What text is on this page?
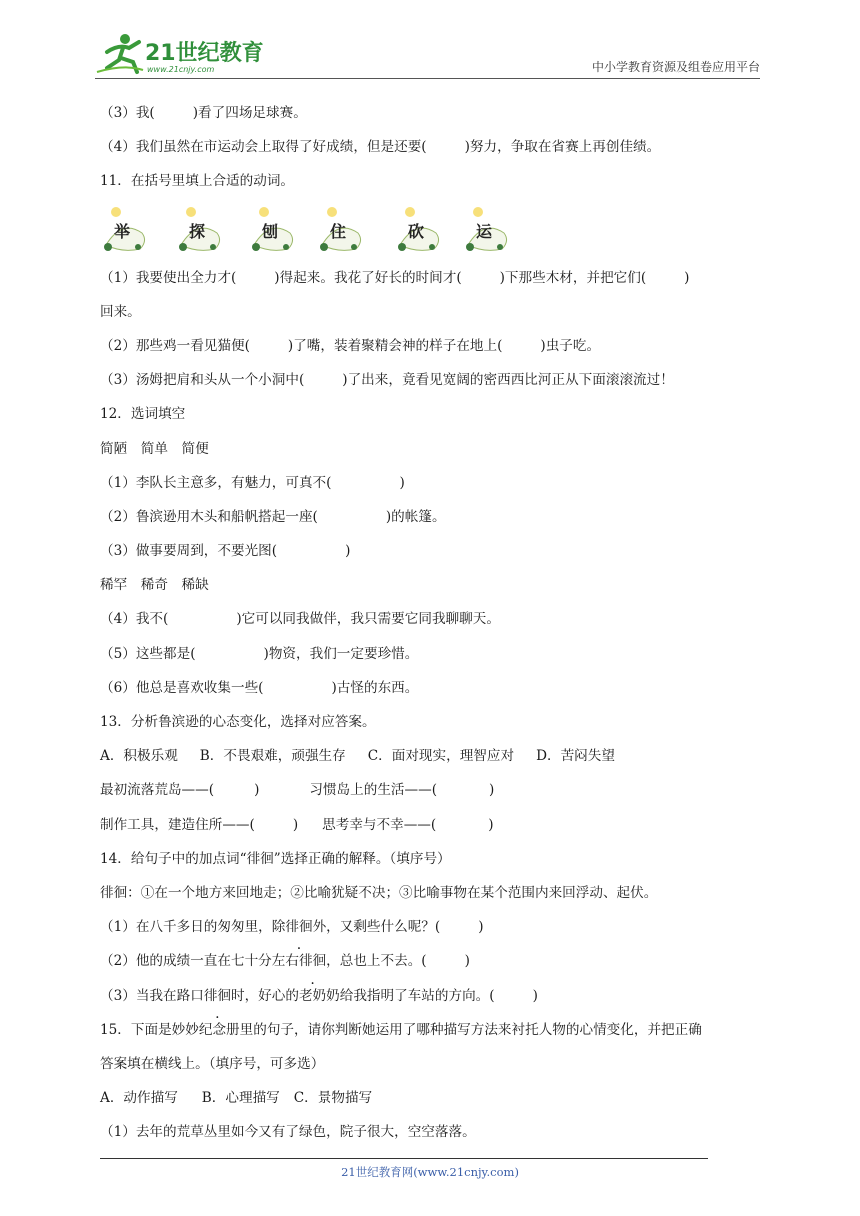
21世纪教育
www.21cnjy.com	中小学教育资源及组卷应用平台
（3）我(	)看了四场足球赛。
（4）我们虽然在市运动会上取得了好成绩，但是还要(	)努力，争取在省赛上再创佳绩。
11．在括号里填上合适的动词。
举	探	刨	住	砍	运
（1）我要使出全力才(	)得起来。我花了好长的时间才(	)下那些木材，并把它们(	)
回来。
（2）那些鸡一看见猫便(	)了嘴，装着聚精会神的样子在地上(	)虫子吃。
（3）汤姆把肩和头从一个小洞中(	)了出来，竟看见宽阔的密西西比河正从下面滚滚流过！
12．选词填空
简陋　简单　简便
（1）李队长主意多，有魅力，可真不(	)
（2）鲁滨逊用木头和船帆搭起一座(	)的帐篷。
（3）做事要周到，不要光图(	)
稀罕　稀奇　稀缺
（4）我不(	)它可以同我做伴，我只需要它同我聊聊天。
（5）这些都是(	)物资，我们一定要珍惜。
（6）他总是喜欢收集一些(	)古怪的东西。
13．分析鲁滨逊的心态变化，选择对应答案。
A．积极乐观 B．不畏艰难，顽强生存 C．面对现实，理智应对 D．苦闷失望
最初流落荒岛——(	)	习惯岛上的生活——(	)
制作工具，建造住所——(	) 思考幸与不幸——(	)
14．给句子中的加点词“徘徊”选择正确的解释。（填序号）
徘徊：①在一个地方来回地走；②比喻犹疑不决；③比喻事物在某个范围内来回浮动、起伏。
（1）在八千多日的匆匆里，除徘徊外，又剩些什么呢？(	)
（2）他的成绩一直在七十分左右徘徊，总也上不去。(	)
（3）当我在路口徘徊时，好心的老奶奶给我指明了车站的方向。(	)
15．下面是妙妙纪念册里的句子，请你判断她运用了哪种描写方法来衬托人物的心情变化，并把正确
答案填在横线上。（填序号，可多选）
A．动作描写 B．心理描写 C．景物描写
（1）去年的荒草丛里如今又有了绿色，院子很大，空空落落。
21世纪教育网(www.21cnjy.com)
